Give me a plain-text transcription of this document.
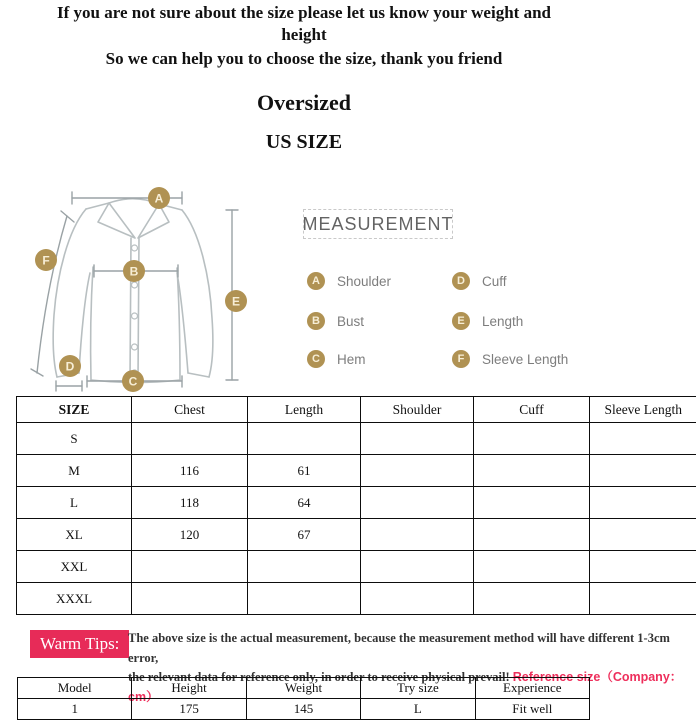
If you are not sure about the size please let us know your weight and

height

So we can help you to choose the size, thank you friend

Oversized

US SIZE

A
B
C
D
E
F
MEASUREMENT
A	Shoulder
B	Bust
C	Hem
D	Cuff
E	Length
F	Sleeve Length
SIZE	Chest	Length	Shoulder	Cuff	Sleeve Length
S					
M	116	61			
L	118	64			
XL	120	67			
XXL					
XXXL					
Warm Tips: The above size is the actual measurement, because the measurement method will have different 1-3cm error,
the relevant data for reference only, in order to receive physical prevail! Reference size（Company：cm）

Model	Height	Weight	Try size	Experience
1	175	145	L	Fit well
